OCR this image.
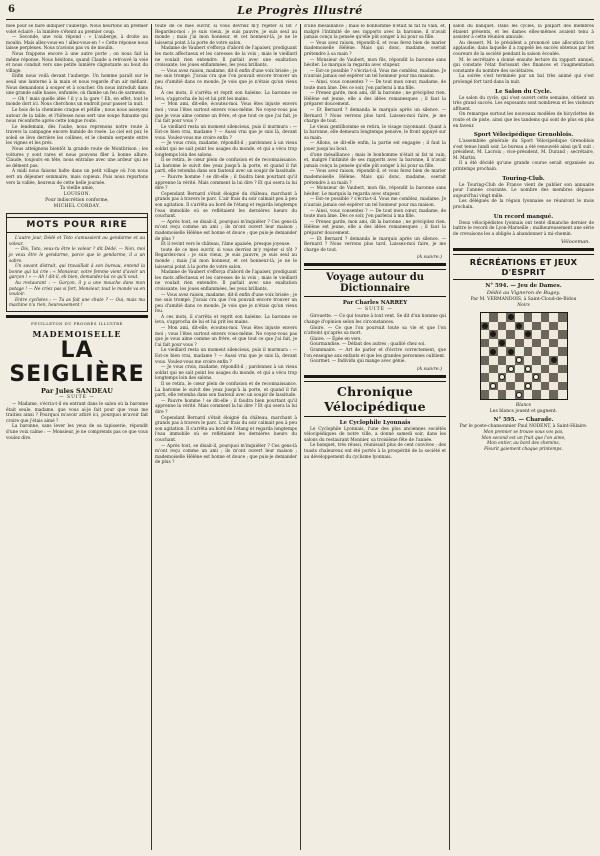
6	Le Progrès Illustré

mée pour se faire indiquer l'auberge. Nous heurtons un premier volet éclairé : la lumière s'éteint au premier coup.

— Seconde, une voix répond : « L'auberge, à droite au moulin. Mais allez-vous-en ! allez-vous-en ! » Cette réponse nous laisse perplexes. Nous n'avions pas vu de moulin.

Nous frappons encore à une autre porte ; on nous fait la même réponse. Nous hésitons, quand Claude a retrouvé la voie et nous conduit vers une petite lumière clignotante au bout du village.

Enfin nous voilà devant l'auberge. Un homme paraît sur le seuil une lanterne à la main et nous regarde d'un air méfiant. Nous demandons à souper et à coucher. On nous introduit dans une grande salle basse, enfumée, où flambe un feu de sarments.

— Oh ! mais quelle idée ! il y a la gare ! Eh, en effet, tout le monde dort ici. Nous cherchons un endroit pour passer la nuit.

Le bois de la cheminée craque et pétille ; nous nous asseyons autour de la table, et l'hôtesse nous sert une soupe fumante qui nous réconforte après cette longue route.

Le lendemain, dès l'aube, nous reprenons notre route à travers la campagne encore humide de rosée. Le ciel est pur, le soleil se lève derrière les collines, et le chemin serpente entre les vignes et les prés.

Nous atteignons bientôt la grande route de Montbrison ; les voitures y sont rares et nous pouvons filer à bonne allure. Claude, toujours en tête, nous entraîne avec une ardeur qui ne se dément pas.

À midi nous faisons halte dans un petit village où l'on nous sert un déjeuner sommaire, mais copieux. Puis nous repartons vers la vallée, heureux de cette belle journée.

Ta vieille amie,
LOUISON.
Pour indiscrétion conforme,
MICHEL CORDAY.
MOTS POUR RIRE

L'autre jour, Dédé et Toto s'amusaient au gendarme et au voleur.

— Dis, Toto, veux-tu être le voleur ? dit Dédé. — Non, moi je veux être le gendarme, parce que le gendarme, il a un sabre.

Un savant distrait, qui travaillait à son bureau, entend la bonne qui lui crie : « Monsieur, votre femme vient d'avoir un garçon ! » — Ah ! dit-il, eh bien, demandez-lui ce qu'il veut.

Au restaurant : — Garçon, il y a une mouche dans mon potage ! — Ne criez pas si fort, Monsieur, tout le monde va en vouloir.

Entre cyclistes : — Tu as fait une chute ? — Oui, mais ma machine n'a rien, heureusement !

FEUILLETON DU PROGRÈS ILLUSTRÉ
MADEMOISELLE
LA SEIGLIÈRE
Par Jules SANDEAU
— SUITE —

— Madame, s'écria-t-il en entrant dans le salon où la baronne était seule, madame, que vous ai-je fait pour que vous me traitiez ainsi ? Pourquoi m'avoir attiré ici, pourquoi m'avoir fait croire que j'étais aimé ?

La baronne, sans lever les yeux de sa tapisserie, répondit d'une voix calme : — Monsieur, je ne comprends pas ce que vous voulez dire.

toute de ce mes ouvrir, si vous devriez m'y rejeter si tôt ? Regardez-moi : je suis vieux, je suis pauvre, je suis seul au monde ; mais j'ai mon honneur, et cet honneur-là, je ne le laisserai point à la porte de votre salon.

Madame de Vaubert s'efforça d'abord de l'apaiser, prodiguant les mots affectueux et les caresses de la voix ; mais le vieillard ne voulait rien entendre. Il parlait avec une exaltation croissante, les joues enflammées, les yeux brillants.

— Vous avez raison, madame, dit-il enfin d'une voix brisée ; je me suis trompé. J'avais cru que l'on pouvait encore trouver un peu d'amitié dans ce monde. Je vois que je n'étais qu'un vieux fou.

À ces mots, il s'arrêta et reprit son haleine. La baronne se leva, s'approcha de lui et lui prit les mains.

— Mon ami, dit-elle, écoutez-moi. Vous êtes injuste envers moi ; vous l'êtes surtout envers vous-même. Ne voyez-vous pas que je vous aime comme un frère, et que tout ce que j'ai fait, je l'ai fait pour vous ?

Le vieillard resta un moment silencieux, puis il murmura : — Est-ce bien vrai, madame ? — Aussi vrai que je suis là, devant vous. Voulez-vous me croire enfin ?

— Je vous crois, madame, répondit-il ; pardonnez à un vieux soldat qui ne sait point les usages du monde, et qui a vécu trop longtemps loin des salons.

Il se retira, le cœur plein de confusion et de reconnaissance. La baronne le suivit des yeux jusqu'à la porte, et quand il fut parti, elle retomba dans son fauteuil avec un soupir de lassitude.

— Pauvre homme ! se dit-elle ; il faudra bien pourtant qu'il apprenne la vérité. Mais comment la lui dire ? Et qui osera la lui dire ?

Cependant Bernard s'était éloigné du château, marchant à grands pas à travers le parc. L'air frais du soir calmait peu à peu son agitation. Il s'arrêta au bord de l'étang et regarda longtemps l'eau immobile où se reflétaient les dernières lueurs du couchant.

— Après tout, se disait-il, pourquoi m'inquiéter ? Ces gens-là m'ont reçu comme un ami ; ils m'ont ouvert leur maison ; mademoiselle Hélène est bonne et douce ; que puis-je demander de plus ?

Et il revint vers le château, l'âme apaisée, presque joyeuse.

toute de ce mes ouvrir, si vous devriez m'y rejeter si tôt ? Regardez-moi : je suis vieux, je suis pauvre, je suis seul au monde ; mais j'ai mon honneur, et cet honneur-là, je ne le laisserai point à la porte de votre salon.

Madame de Vaubert s'efforça d'abord de l'apaiser, prodiguant les mots affectueux et les caresses de la voix ; mais le vieillard ne voulait rien entendre. Il parlait avec une exaltation croissante, les joues enflammées, les yeux brillants.

— Vous avez raison, madame, dit-il enfin d'une voix brisée ; je me suis trompé. J'avais cru que l'on pouvait encore trouver un peu d'amitié dans ce monde. Je vois que je n'étais qu'un vieux fou.

À ces mots, il s'arrêta et reprit son haleine. La baronne se leva, s'approcha de lui et lui prit les mains.

— Mon ami, dit-elle, écoutez-moi. Vous êtes injuste envers moi ; vous l'êtes surtout envers vous-même. Ne voyez-vous pas que je vous aime comme un frère, et que tout ce que j'ai fait, je l'ai fait pour vous ?

Le vieillard resta un moment silencieux, puis il murmura : — Est-ce bien vrai, madame ? — Aussi vrai que je suis là, devant vous. Voulez-vous me croire enfin ?

— Je vous crois, madame, répondit-il ; pardonnez à un vieux soldat qui ne sait point les usages du monde, et qui a vécu trop longtemps loin des salons.

Il se retira, le cœur plein de confusion et de reconnaissance. La baronne le suivit des yeux jusqu'à la porte, et quand il fut parti, elle retomba dans son fauteuil avec un soupir de lassitude.

— Pauvre homme ! se dit-elle ; il faudra bien pourtant qu'il apprenne la vérité. Mais comment la lui dire ? Et qui osera la lui dire ?

Cependant Bernard s'était éloigné du château, marchant à grands pas à travers le parc. L'air frais du soir calmait peu à peu son agitation. Il s'arrêta au bord de l'étang et regarda longtemps l'eau immobile où se reflétaient les dernières lueurs du couchant.

— Après tout, se disait-il, pourquoi m'inquiéter ? Ces gens-là m'ont reçu comme un ami ; ils m'ont ouvert leur maison ; mademoiselle Hélène est bonne et douce ; que puis-je demander de plus ?

d'une mésalliance ; mais le bonhomme n'était ni fat ni vain, et, malgré l'intimité de ses rapports avec la baronne, il n'avait jamais conçu la pensée qu'elle pût songer à lui pour sa fille.

— Vous avez raison, répondit-il, et vous ferez bien de marier mademoiselle Hélène. Mais qui donc, madame, oserait prétendre à sa main ?

— Monsieur de Vaubert, mon fils, répondit la baronne sans hésiter. Le marquis la regarda avec stupeur.

— Est-ce possible ? s'écria-t-il. Vous me comblez, madame. Je n'aurais jamais osé espérer un tel honneur pour ma maison.

— Ainsi, vous consentez ? — De tout mon cœur, madame, de toute mon âme. Dès ce soir, j'en parlerai à ma fille.

— Prenez garde, mon ami, dit la baronne ; ne précipitez rien. Hélène est jeune, elle a des idées romanesques ; il faut la préparer doucement.

— Et Bernard ? demanda le marquis après un silence. — Bernard ? Nous verrons plus tard. Laissez-moi faire, je me charge de tout.

Le vieux gentilhomme se retira, le visage rayonnant. Quant à la baronne, elle demeura longtemps pensive, le front appuyé sur sa main.

— Allons, se dit-elle enfin, la partie est engagée ; il faut la jouer jusqu'au bout.

d'une mésalliance ; mais le bonhomme n'était ni fat ni vain, et, malgré l'intimité de ses rapports avec la baronne, il n'avait jamais conçu la pensée qu'elle pût songer à lui pour sa fille.

— Vous avez raison, répondit-il, et vous ferez bien de marier mademoiselle Hélène. Mais qui donc, madame, oserait prétendre à sa main ?

— Monsieur de Vaubert, mon fils, répondit la baronne sans hésiter. Le marquis la regarda avec stupeur.

— Est-ce possible ? s'écria-t-il. Vous me comblez, madame. Je n'aurais jamais osé espérer un tel honneur pour ma maison.

— Ainsi, vous consentez ? — De tout mon cœur, madame, de toute mon âme. Dès ce soir, j'en parlerai à ma fille.

— Prenez garde, mon ami, dit la baronne ; ne précipitez rien. Hélène est jeune, elle a des idées romanesques ; il faut la préparer doucement.

— Et Bernard ? demanda le marquis après un silence. — Bernard ? Nous verrons plus tard. Laissez-moi faire, je me charge de tout.

(A suivre.)
Voyage autour du Dictionnaire
Par Charles NARREY
— SUITE —

Girouette. — Ce qui tourne à tout vent. Se dit d'un homme qui change d'opinion selon les circonstances.

Gloire. — Ce que l'on poursuit toute sa vie et que l'on n'atteint qu'après sa mort.

Glaive. — Épée en vers.

Gourmandise. — Défaut des autres ; qualité chez soi.

Grammaire. — Art de parler et d'écrire correctement, que l'on enseigne aux enfants et que les grandes personnes oublient.

Gourmet. — Individu qui mange avec génie.

(A suivre.)
Chronique Vélocipédique
Le Cyclophile Lyonnais

Le Cyclophile Lyonnais, l'une des plus anciennes sociétés vélocipédiques de notre ville, a donné samedi soir, dans les salons du restaurant Monnier, sa troisième fête de l'année.

Le banquet, très réussi, réunissait plus de cent convives ; des toasts chaleureux ont été portés à la prospérité de la société et au développement du cyclisme lyonnais.

salon du banquet. Dans les cycles, la plupart des membres étaient présents, et les dames elles-mêmes avaient tenu à assister à cette réunion amicale.

Au dessert, M. le président a prononcé une allocution fort applaudie, dans laquelle il a rappelé les succès obtenus par les coureurs de la société pendant la saison écoulée.

M. le secrétaire a donné ensuite lecture du rapport annuel, qui constate l'état florissant des finances et l'augmentation constante du nombre des sociétaires.

La soirée s'est terminée par un bal très animé qui s'est prolongé fort tard dans la nuit.

Le Salon du Cycle.

Le salon du cycle, qui s'est ouvert cette semaine, obtient un très grand succès. Les exposants sont nombreux et les visiteurs affluent.

On remarque surtout les nouveaux modèles de bicyclettes de route et de piste, ainsi que les tandems qui sont de plus en plus en faveur.

Sport Vélocipédique Grenoblois.

L'assemblée générale du Sport Vélocipédique Grenoblois s'est tenue lundi soir. Le bureau a été renouvelé ainsi qu'il suit : président, M. Lacroix ; vice-président, M. Durand ; secrétaire, M. Martin.

Il a été décidé qu'une grande course serait organisée au printemps prochain.

Touring-Club.

Le Touring-Club de France vient de publier son annuaire pour l'année courante. Le nombre des membres dépasse aujourd'hui vingt mille.

Les délégués de la région lyonnaise se réuniront le mois prochain.

Un record manqué.

Deux vélocipédistes lyonnais ont tenté dimanche dernier de battre le record de Lyon-Marseille ; malheureusement une série de crevaisons les a obligés à abandonner à mi-chemin.

Véloceman.
RÉCRÉATIONS ET JEUX D'ESPRIT
N° 594. — Jeu de Dames.
Dédié au Vigneron de Bugey.
Par M. VERMANDOIS, à Saint-Cloud-de-Bidou
Noirs
Blancs
Les blancs jouent et gagnent.
N° 595. — Charade.
Par le poste-chansonnier Paul NODENT, à Saint-Hilaire.

Mon premier se trouve sous vos pas,

Mon second est un fruit que l'on aime,

Mon entier, au bord des chemins,

Fleurit gaiement chaque printemps.
